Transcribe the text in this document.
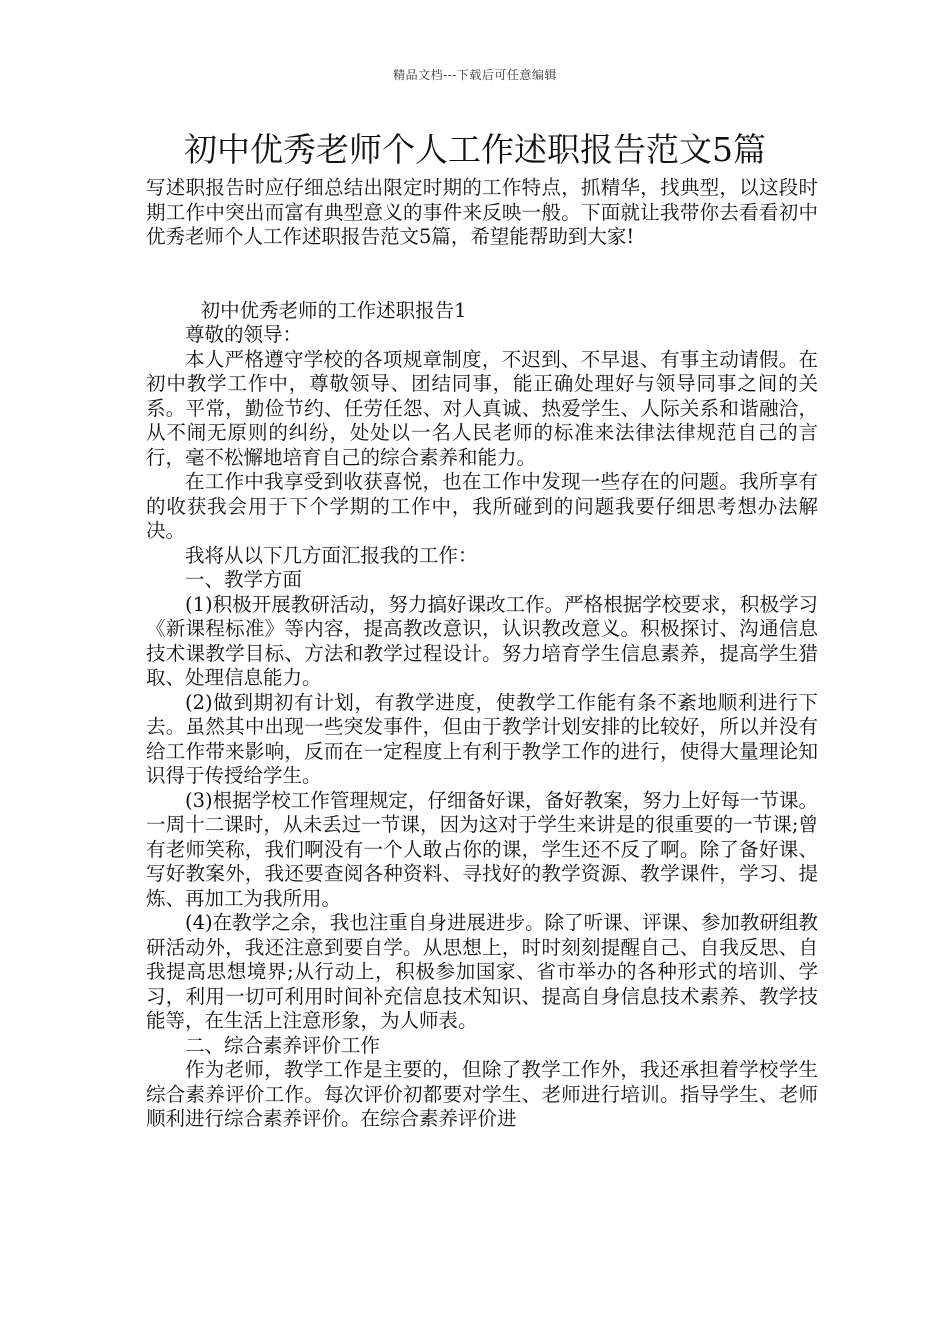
精品文档---下载后可任意编辑
初中优秀老师个人工作述职报告范文5篇

写述职报告时应仔细总结出限定时期的工作特点，抓精华，找典型，以这段时期工作中突出而富有典型意义的事件来反映一般。下面就让我带你去看看初中优秀老师个人工作述职报告范文5篇，希望能帮助到大家!

初中优秀老师的工作述职报告1

尊敬的领导：

本人严格遵守学校的各项规章制度，不迟到、不早退、有事主动请假。在初中教学工作中，尊敬领导、团结同事，能正确处理好与领导同事之间的关系。平常，勤俭节约、任劳任怨、对人真诚、热爱学生、人际关系和谐融洽，从不闹无原则的纠纷，处处以一名人民老师的标准来法律法律规范自己的言行，毫不松懈地培育自己的综合素养和能力。

在工作中我享受到收获喜悦，也在工作中发现一些存在的问题。我所享有的收获我会用于下个学期的工作中，我所碰到的问题我要仔细思考想办法解决。

我将从以下几方面汇报我的工作：

一、教学方面

(1)积极开展教研活动，努力搞好课改工作。严格根据学校要求，积极学习《新课程标准》等内容，提高教改意识，认识教改意义。积极探讨、沟通信息技术课教学目标、方法和教学过程设计。努力培育学生信息素养，提高学生猎取、处理信息能力。

(2)做到期初有计划，有教学进度，使教学工作能有条不紊地顺利进行下去。虽然其中出现一些突发事件，但由于教学计划安排的比较好，所以并没有给工作带来影响，反而在一定程度上有利于教学工作的进行，使得大量理论知识得于传授给学生。

(3)根据学校工作管理规定，仔细备好课，备好教案，努力上好每一节课。一周十二课时，从未丢过一节课，因为这对于学生来讲是的很重要的一节课;曾有老师笑称，我们啊没有一个人敢占你的课，学生还不反了啊。除了备好课、写好教案外，我还要查阅各种资料、寻找好的教学资源、教学课件，学习、提炼、再加工为我所用。

(4)在教学之余，我也注重自身进展进步。除了听课、评课、参加教研组教研活动外，我还注意到要自学。从思想上，时时刻刻提醒自己、自我反思、自我提高思想境界;从行动上，积极参加国家、省市举办的各种形式的培训、学习，利用一切可利用时间补充信息技术知识、提高自身信息技术素养、教学技能等，在生活上注意形象，为人师表。

二、综合素养评价工作

作为老师，教学工作是主要的，但除了教学工作外，我还承担着学校学生综合素养评价工作。每次评价初都要对学生、老师进行培训。指导学生、老师顺利进行综合素养评价。在综合素养评价进
